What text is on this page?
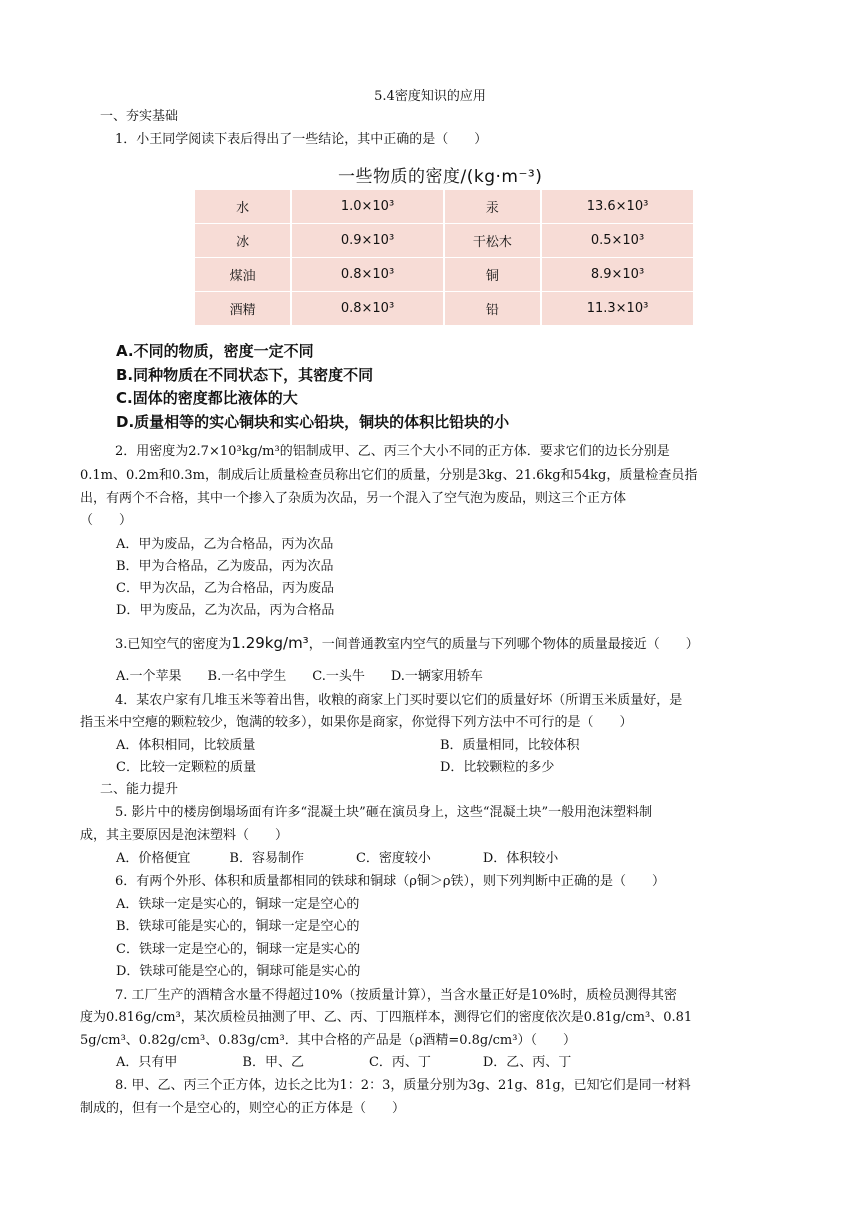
5.4密度知识的应用
一、夯实基础
1．小王同学阅读下表后得出了一些结论，其中正确的是（　　）
一些物质的密度/(kg·m⁻³)
水	1.0×10³	汞	13.6×10³
冰	0.9×10³	干松木	0.5×10³
煤油	0.8×10³	铜	8.9×10³
酒精	0.8×10³	铅	11.3×10³
A.不同的物质，密度一定不同
B.同种物质在不同状态下，其密度不同
C.固体的密度都比液体的大
D.质量相等的实心铜块和实心铅块，铜块的体积比铅块的小
2．用密度为2.7×10³kg/m³的铝制成甲、乙、丙三个大小不同的正方体．要求它们的边长分别是
0.1m、0.2m和0.3m，制成后让质量检查员称出它们的质量，分别是3kg、21.6kg和54kg，质量检查员指
出，有两个不合格，其中一个掺入了杂质为次品，另一个混入了空气泡为废品，则这三个正方体
（　　）
A．甲为废品，乙为合格品，丙为次品
B．甲为合格品，乙为废品，丙为次品
C．甲为次品，乙为合格品，丙为废品
D．甲为废品，乙为次品，丙为合格品
3.已知空气的密度为1.29kg/m³，一间普通教室内空气的质量与下列哪个物体的质量最接近（　　）
A.一个苹果　　B.一名中学生　　C.一头牛　　D.一辆家用轿车
4．某农户家有几堆玉米等着出售，收粮的商家上门买时要以它们的质量好坏（所谓玉米质量好，是
指玉米中空瘪的颗粒较少，饱满的较多），如果你是商家，你觉得下列方法中不可行的是（　　）
A．体积相同，比较质量	B．质量相同，比较体积
C．比较一定颗粒的质量	D．比较颗粒的多少
二、能力提升
5. 影片中的楼房倒塌场面有许多“混凝土块”砸在演员身上，这些“混凝土块”一般用泡沫塑料制
成，其主要原因是泡沫塑料（　　）
A．价格便宜　　　B．容易制作　　　　C．密度较小　　　　D．体积较小
6．有两个外形、体积和质量都相同的铁球和铜球（ρ铜＞ρ铁），则下列判断中正确的是（　　）
A．铁球一定是实心的，铜球一定是空心的
B．铁球可能是实心的，铜球一定是空心的
C．铁球一定是空心的，铜球一定是实心的
D．铁球可能是空心的，铜球可能是实心的
7. 工厂生产的酒精含水量不得超过10%（按质量计算），当含水量正好是10%时，质检员测得其密
度为0.816g/cm³，某次质检员抽测了甲、乙、丙、丁四瓶样本，测得它们的密度依次是0.81g/cm³、0.81
5g/cm³、0.82g/cm³、0.83g/cm³．其中合格的产品是（ρ酒精=0.8g/cm³）（　　）
A．只有甲　　　　　B．甲、乙　　　　　C．丙、丁　　　　D．乙、丙、丁
8. 甲、乙、丙三个正方体，边长之比为1：2：3，质量分别为3g、21g、81g，已知它们是同一材料
制成的，但有一个是空心的，则空心的正方体是（　　）
